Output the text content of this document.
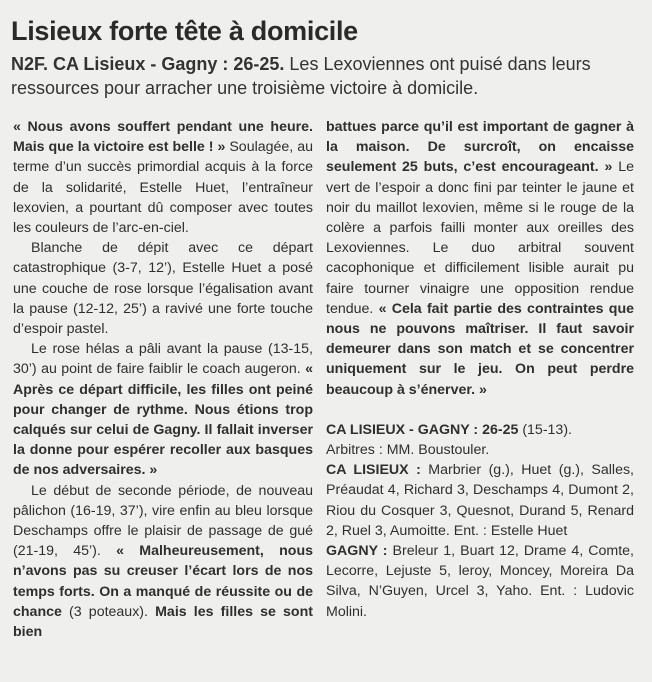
Lisieux forte tête à domicile
N2F. CA Lisieux - Gagny : 26-25. Les Lexoviennes ont puisé dans leurs ressources pour arracher une troisième victoire à domicile.

« Nous avons souffert pendant une heure. Mais que la victoire est belle ! » Soulagée, au terme d’un succès primordial acquis à la force de la solidarité, Estelle Huet, l’entraîneur lexovien, a pourtant dû composer avec toutes les couleurs de l’arc-en-ciel.

Blanche de dépit avec ce départ catastrophique (3-7, 12’), Estelle Huet a posé une couche de rose lorsque l’égalisation avant la pause (12-12, 25’) a ravivé une forte touche d’espoir pastel.

Le rose hélas a pâli avant la pause (13-15, 30’) au point de faire faiblir le coach augeron. « Après ce départ difficile, les filles ont peiné pour changer de rythme. Nous étions trop calqués sur celui de Gagny. Il fallait inverser la donne pour espérer recoller aux basques de nos adversaires. »

Le début de seconde période, de nouveau pâlichon (16-19, 37’), vire enfin au bleu lorsque Deschamps offre le plaisir de passage de gué (21-19, 45’). « Malheureusement, nous n’avons pas su creuser l’écart lors de nos temps forts. On a manqué de réussite ou de chance (3 poteaux). Mais les filles se sont bien

battues parce qu’il est important de gagner à la maison. De surcroît, on encaisse seulement 25 buts, c’est encourageant. » Le vert de l’espoir a donc fini par teinter le jaune et noir du maillot lexovien, même si le rouge de la colère a parfois failli monter aux oreilles des Lexoviennes. Le duo arbitral souvent cacophonique et difficilement lisible aurait pu faire tourner vinaigre une opposition rendue tendue. « Cela fait partie des contraintes que nous ne pouvons maîtriser. Il faut savoir demeurer dans son match et se concentrer uniquement sur le jeu. On peut perdre beaucoup à s’énerver. »

CA LISIEUX - GAGNY : 26-25 (15-13).

Arbitres : MM. Boustouler.

CA LISIEUX : Marbrier (g.), Huet (g.), Salles, Préaudat 4, Richard 3, Deschamps 4, Dumont 2, Riou du Cosquer 3, Quesnot, Durand 5, Renard 2, Ruel 3, Aumoitte. Ent. : Estelle Huet

GAGNY : Breleur 1, Buart 12, Drame 4, Comte, Lecorre, Lejuste 5, leroy, Moncey, Moreira Da Silva, N’Guyen, Urcel 3, Yaho. Ent. : Ludovic Molini.
